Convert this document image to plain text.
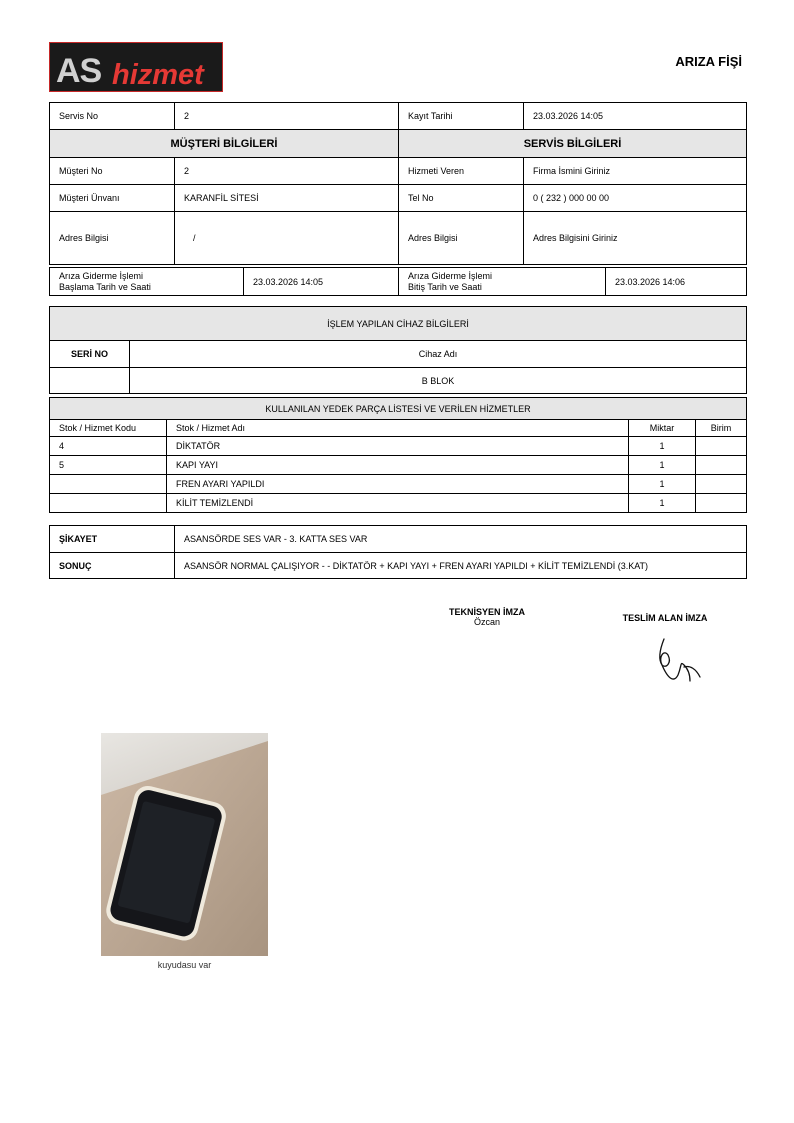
AS hizmet	ARIZA FİŞİ
Servis No	2	Kayıt Tarihi	23.03.2026 14:05
MÜŞTERİ BİLGİLERİ		SERVİS BİLGİLERİ	
Müşteri No	2	Hizmeti Veren	Firma İsmini Giriniz
Müşteri Ünvanı	KARANFİL SİTESİ	Tel No	0 ( 232 ) 000 00 00
Adres Bilgisi	/	Adres Bilgisi	Adres Bilgisini Giriniz
Arıza Giderme İşlemi
Başlama Tarih ve Saati	23.03.2026 14:05	
Arıza Giderme İşlemi
Bitiş Tarih ve Saati	23.03.2026 14:06
İŞLEM YAPILAN CİHAZ BİLGİLERİ	
SERİ NO	Cihaz Adı
	B BLOK
KULLANILAN YEDEK PARÇA LİSTESİ VE VERİLEN HİZMETLER			
Stok / Hizmet Kodu	Stok / Hizmet Adı	Miktar	Birim
4	DİKTATÖR	1	
5	KAPI YAYI	1	
	FREN AYARI YAPILDI	1	
	KİLİT TEMİZLENDİ	1	
ŞİKAYET	ASANSÖRDE SES VAR - 3. KATTA SES VAR
SONUÇ	ASANSÖR NORMAL ÇALIŞIYOR - - DİKTATÖR + KAPI YAYI + FREN AYARI YAPILDI + KİLİT TEMİZLENDİ (3.KAT)
TEKNİSYEN İMZA
Özcan	TESLİM ALAN İMZA
kuyudasu var
